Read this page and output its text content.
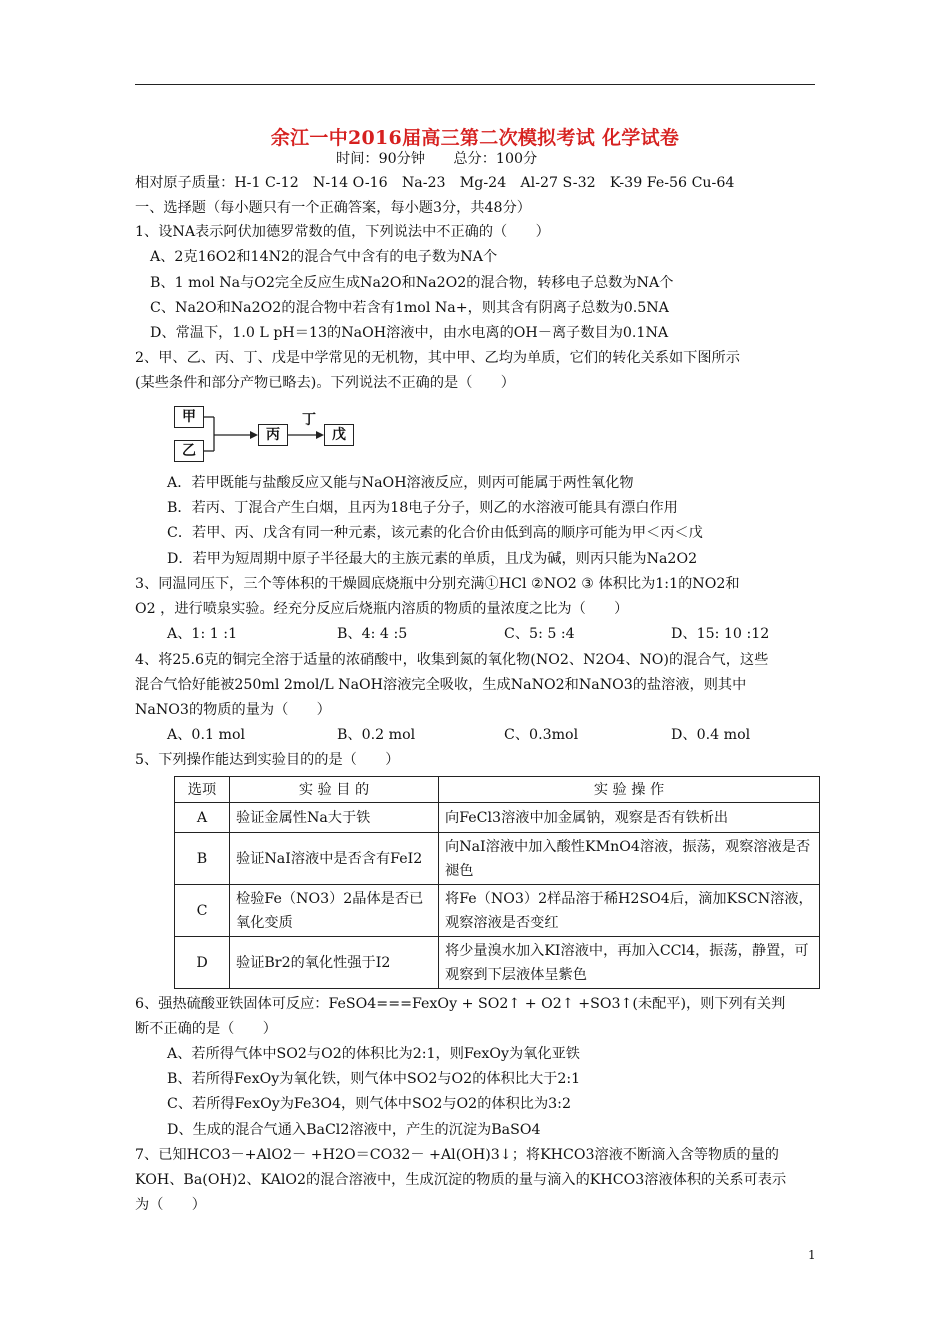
余江一中2016届高三第二次模拟考试 化学试卷
时间：90分钟　　总分：100分
相对原子质量：H-1 C-12　N-14 O-16　Na-23　Mg-24　Al-27 S-32　K-39 Fe-56 Cu-64
一、选择题（每小题只有一个正确答案，每小题3分，共48分）
1、设NA表示阿伏加德罗常数的值，下列说法中不正确的（　　）
A、2克16O2和14N2的混合气中含有的电子数为NA个
B、1 mol Na与O2完全反应生成Na2O和Na2O2的混合物，转移电子总数为NA个
C、Na2O和Na2O2的混合物中若含有1mol Na+，则其含有阴离子总数为0.5NA
D、常温下，1.0 L pH＝13的NaOH溶液中，由水电离的OH－离子数目为0.1NA
2、甲、乙、丙、丁、戊是中学常见的无机物，其中甲、乙均为单质，它们的转化关系如下图所示
(某些条件和部分产物已略去)。下列说法不正确的是（　　）
甲
乙
丙
丁
戊
A．若甲既能与盐酸反应又能与NaOH溶液反应，则丙可能属于两性氧化物
B．若丙、丁混合产生白烟，且丙为18电子分子，则乙的水溶液可能具有漂白作用
C．若甲、丙、戊含有同一种元素，该元素的化合价由低到高的顺序可能为甲＜丙＜戊
D．若甲为短周期中原子半径最大的主族元素的单质，且戊为碱，则丙只能为Na2O2
3、同温同压下，三个等体积的干燥圆底烧瓶中分别充满①HCl ②NO2 ③ 体积比为1:1的NO2和
O2 ，进行喷泉实验。经充分反应后烧瓶内溶质的物质的量浓度之比为（　　）
A、1: 1 :1	B、4: 4 :5	C、5: 5 :4	D、15: 10 :12
4、将25.6克的铜完全溶于适量的浓硝酸中，收集到氮的氧化物(NO2、N2O4、NO)的混合气，这些
混合气恰好能被250ml 2mol/L NaOH溶液完全吸收，生成NaNO2和NaNO3的盐溶液，则其中
NaNO3的物质的量为（　　）
A、0.1 mol	B、0.2 mol	C、0.3mol	D、0.4 mol
5、下列操作能达到实验目的的是（　　）
选项	实 验 目 的	实 验 操 作
A	验证金属性Na大于铁	向FeCl3溶液中加金属钠，观察是否有铁析出
B	验证NaI溶液中是否含有FeI2	向NaI溶液中加入酸性KMnO4溶液，振荡，观察溶液是否褪色
C	检验Fe（NO3）2晶体是否已氧化变质	将Fe（NO3）2样品溶于稀H2SO4后，滴加KSCN溶液，观察溶液是否变红
D	验证Br2的氧化性强于I2	将少量溴水加入KI溶液中，再加入CCl4，振荡，静置，可观察到下层液体呈紫色
6、强热硫酸亚铁固体可反应：FeSO4===FexOy + SO2↑ + O2↑ +SO3↑(未配平)，则下列有关判
断不正确的是（　　）
A、若所得气体中SO2与O2的体积比为2:1，则FexOy为氧化亚铁
B、若所得FexOy为氧化铁，则气体中SO2与O2的体积比大于2:1
C、若所得FexOy为Fe3O4，则气体中SO2与O2的体积比为3:2
D、生成的混合气通入BaCl2溶液中，产生的沉淀为BaSO4
7、已知HCO3－+AlO2－ +H2O＝CO32－ +Al(OH)3↓；将KHCO3溶液不断滴入含等物质的量的
KOH、Ba(OH)2、KAlO2的混合溶液中，生成沉淀的物质的量与滴入的KHCO3溶液体积的关系可表示
为（　　）
1
